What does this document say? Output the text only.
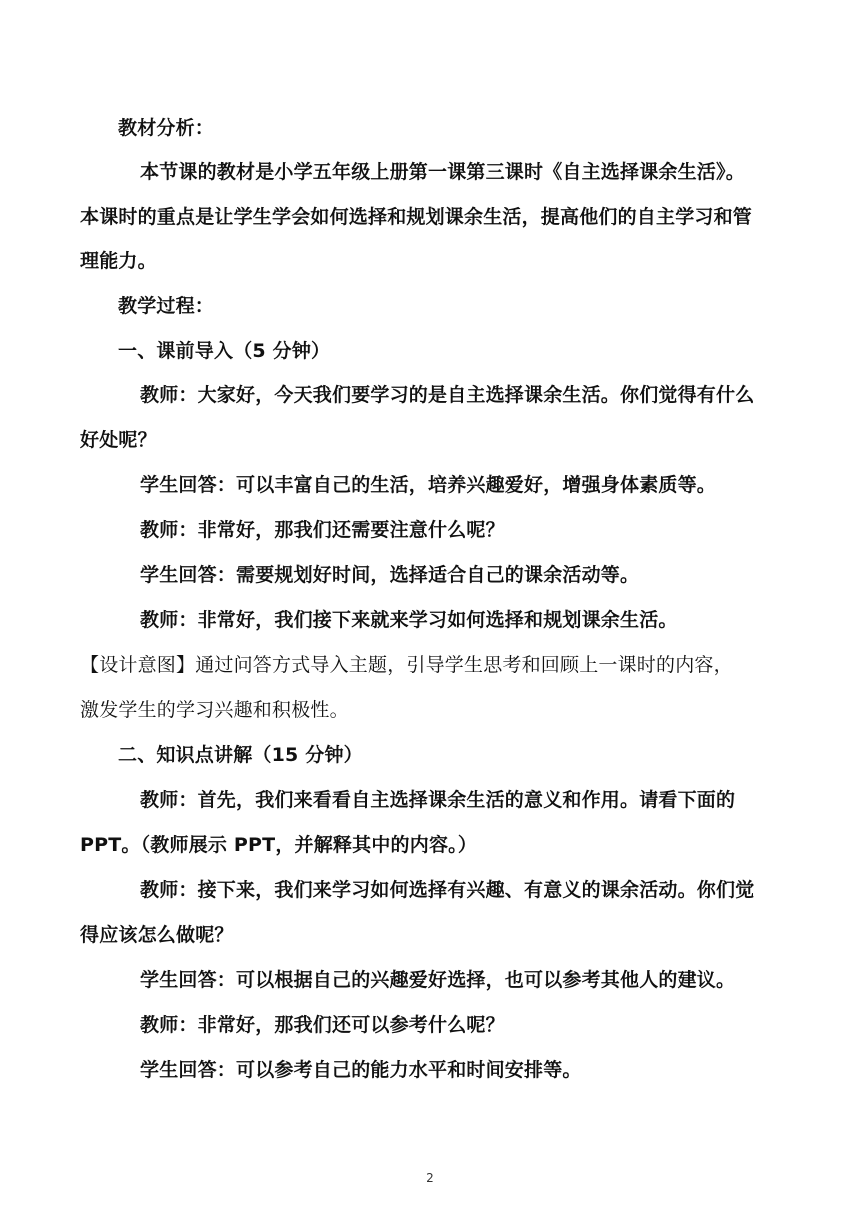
教材分析：
本节课的教材是小学五年级上册第一课第三课时《自主选择课余生活》。
本课时的重点是让学生学会如何选择和规划课余生活，提高他们的自主学习和管
理能力。
教学过程：
一、课前导入（5 分钟）
教师：大家好，今天我们要学习的是自主选择课余生活。你们觉得有什么
好处呢？
学生回答：可以丰富自己的生活，培养兴趣爱好，增强身体素质等。
教师：非常好，那我们还需要注意什么呢？
学生回答：需要规划好时间，选择适合自己的课余活动等。
教师：非常好，我们接下来就来学习如何选择和规划课余生活。
【设计意图】通过问答方式导入主题，引导学生思考和回顾上一课时的内容，
激发学生的学习兴趣和积极性。
二、知识点讲解（15 分钟）
教师：首先，我们来看看自主选择课余生活的意义和作用。请看下面的
PPT。（教师展示 PPT，并解释其中的内容。）
教师：接下来，我们来学习如何选择有兴趣、有意义的课余活动。你们觉
得应该怎么做呢？
学生回答：可以根据自己的兴趣爱好选择，也可以参考其他人的建议。
教师：非常好，那我们还可以参考什么呢？
学生回答：可以参考自己的能力水平和时间安排等。
2
